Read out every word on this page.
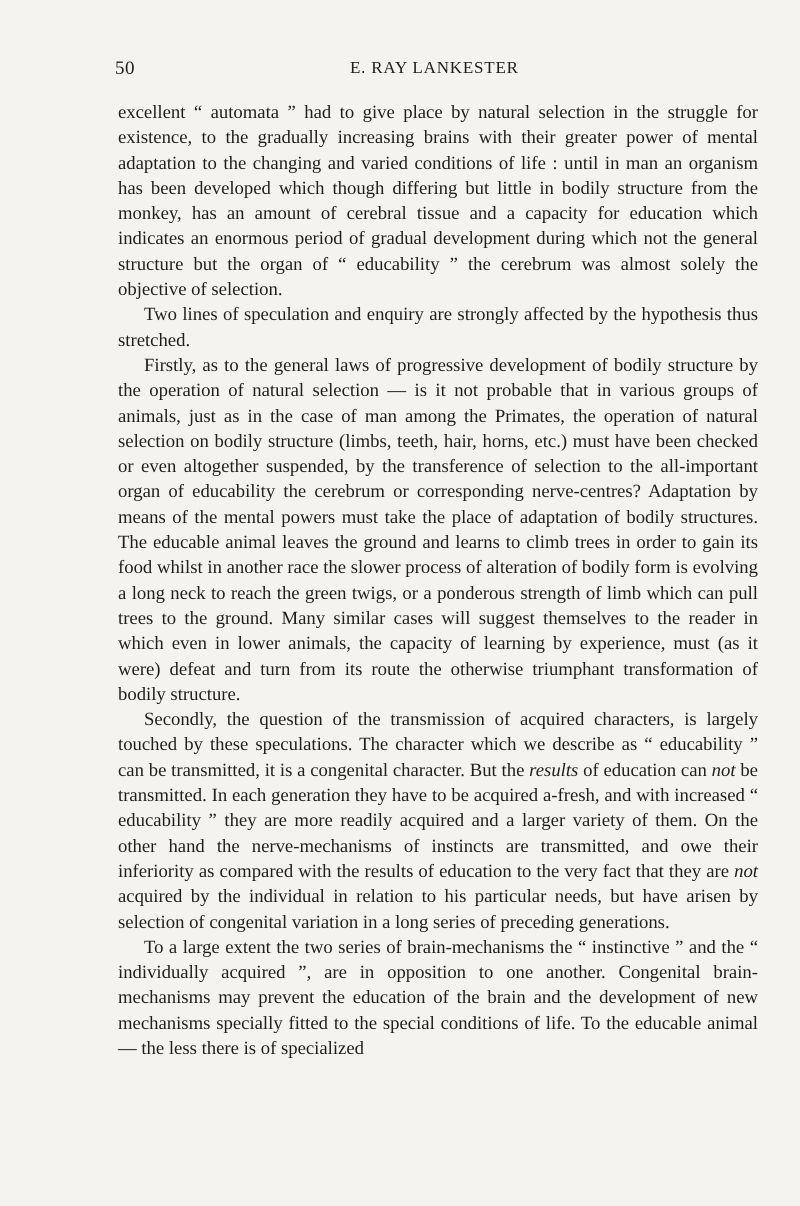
50	E. RAY LANKESTER

excellent “ automata ” had to give place by natural selection in the struggle for existence, to the gradually increasing brains with their greater power of mental adaptation to the changing and varied conditions of life : until in man an organism has been developed which though differing but little in bodily structure from the monkey, has an amount of cerebral tissue and a capacity for education which indicates an enormous period of gradual development during which not the general structure but the organ of “ educability ” the cerebrum was almost solely the objective of selection.

Two lines of speculation and enquiry are strongly affected by the hypothesis thus stretched.

Firstly, as to the general laws of progressive development of bodily structure by the operation of natural selection — is it not probable that in various groups of animals, just as in the case of man among the Primates, the operation of natural selection on bodily structure (limbs, teeth, hair, horns, etc.) must have been checked or even altogether suspended, by the transference of selection to the all-important organ of educability the cerebrum or corresponding nerve-centres? Adaptation by means of the mental powers must take the place of adaptation of bodily structures. The educable animal leaves the ground and learns to climb trees in order to gain its food whilst in another race the slower process of alteration of bodily form is evolving a long neck to reach the green twigs, or a ponderous strength of limb which can pull trees to the ground. Many similar cases will suggest themselves to the reader in which even in lower animals, the capacity of learning by experience, must (as it were) defeat and turn from its route the otherwise triumphant transformation of bodily structure.

Secondly, the question of the transmission of acquired characters, is largely touched by these speculations. The character which we describe as “ educability ” can be transmitted, it is a congenital character. But the results of education can not be transmitted. In each generation they have to be acquired a-fresh, and with increased “ educability ” they are more readily acquired and a larger variety of them. On the other hand the nerve-mechanisms of instincts are transmitted, and owe their inferiority as compared with the results of education to the very fact that they are not acquired by the individual in relation to his particular needs, but have arisen by selection of congenital variation in a long series of preceding generations.

To a large extent the two series of brain-mechanisms the “ instinctive ” and the “ individually acquired ”, are in opposition to one another. Congenital brain-mechanisms may prevent the education of the brain and the development of new mechanisms specially fitted to the special conditions of life. To the educable animal — the less there is of specialized
